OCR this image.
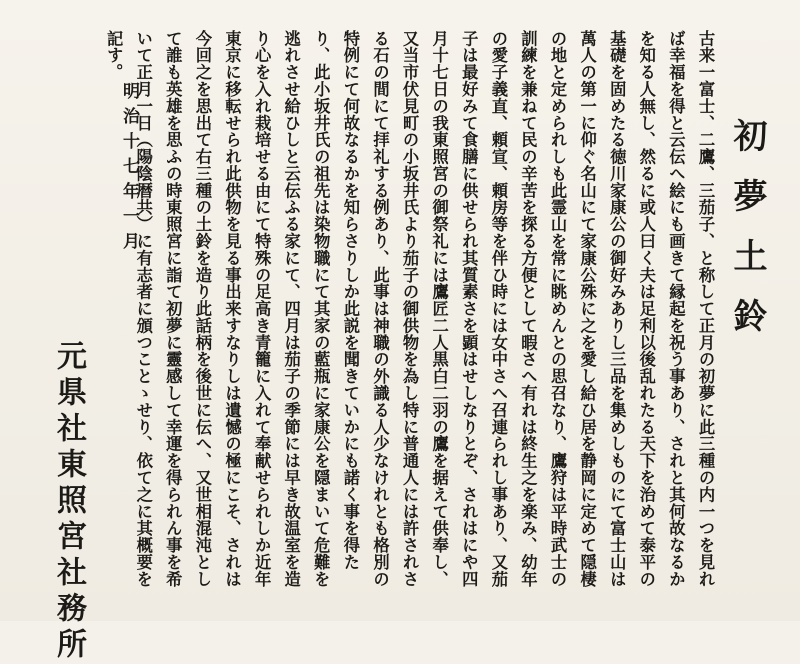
初夢土鈴

古来一富士、二鷹、三茄子、と称して正月の初夢に此三種の内一つを見れば幸福を得と云伝へ絵にも画きて縁起を祝う事あり、されと其何故なるかを知る人無し、然るに或人曰く夫は足利以後乱れたる天下を治めて泰平の基礎を固めたる徳川家康公の御好みありし三品を集めしものにて富士山は萬人の第一に仰ぐ名山にて家康公殊に之を愛し給ひ居を静岡に定めて隠棲の地と定められしも此霊山を常に眺めんとの思召なり、鷹狩は平時武士の訓練を兼ねて民の辛苦を探る方便として暇さへ有れは終生之を楽み、幼年の愛子義直、頼宣、頼房等を伴ひ時には女中さへ召連られし事あり、又茄子は最好みて食膳に供せられ其質素さを顕はせしなりとぞ、されはにや四月十七日の我東照宮の御祭礼には鷹匠二人黒白二羽の鷹を据えて供奉し、又当市伏見町の小坂井氏より茄子の御供物を為し特に普通人には許されさる石の間にて拝礼する例あり、此事は神職の外識る人少なけれとも格別の特例にて何故なるかを知らさりしか此説を聞きていかにも諾く事を得たり、此小坂井氏の祖先は染物職にて其家の藍瓶に家康公を隠まいて危難を逃れさせ給ひしと云伝ふる家にて、四月は茄子の季節には早き故温室を造り心を入れ栽培せる由にて特殊の足高き青籠に入れて奉献せられしか近年東京に移転せられ此供物を見る事出来すなりしは遺憾の極にこそ、されは今回之を思出て右三種の土鈴を造り此話柄を後世に伝へ、又世相混沌として誰も英雄を思ふの時東照宮に詣て初夢に靈感して幸運を得られん事を希いて正月一日（陽陰暦共）に有志者に頒つことゝせり、依て之に其概要を記す。

明治十七年一月
元県社東照宮社務所
